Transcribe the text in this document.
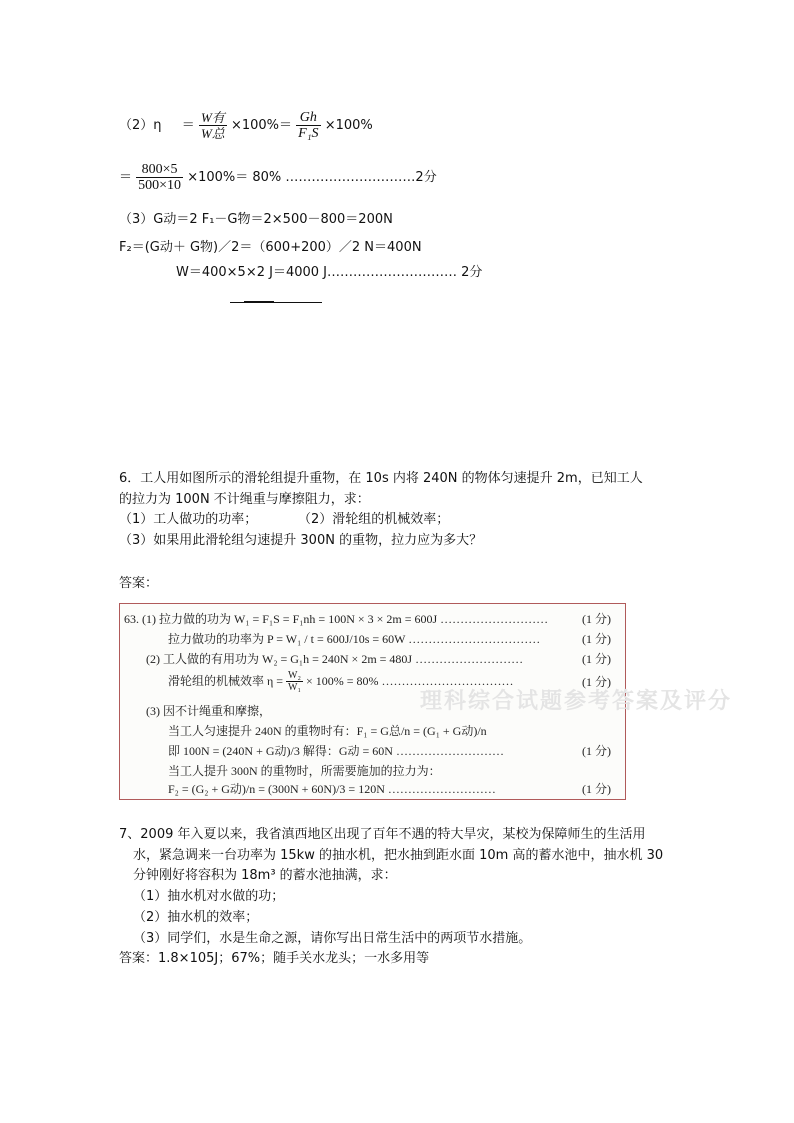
$(2)\eta = \frac{\text{W有}}{\text{W总}} \times 100\%= \frac{Gh}{\text{F₁S}} \times 100\%$
＝ $\frac{800\times 5}{500\times 10} \times 100\%= 80\%$ …………………………2分
（3）G动＝2 F₁－G物＝2×500－800＝200N
F₂＝(G动＋ G物)／2＝（600+200）／2 N＝400N
W＝400×5×2 J＝4000 J………………………… 2分
6．工人用如图所示的滑轮组提升重物，在 10s 内将 240N 的物体匀速提升 2m，已知工人
的拉力为 100N 不计绳重与摩擦阻力，求：
（1）工人做功的功率；	（2）滑轮组的机械效率；
（3）如果用此滑轮组匀速提升 300N 的重物，拉力应为多大？
答案：
理科综合试题参考答案及评分
63. (1) 拉力做的功为 W₁ = F₁S = F₁nh = 100N × 3 × 2m = 600J ………………………	(1 分)
拉力做功的功率为 P = W₁ / t = 600J/10s = 60W ……………………………	(1 分)
(2) 工人做的有用功为 W₂ = G₁h = 240N × 2m = 480J ………………………	(1 分)
滑轮组的机械效率 $\eta = \frac{\text{W₂}}{\text{W₁}} \times 100\% = 80\%$ ……………………………	(1 分)
(3) 因不计绳重和摩擦，
当工人匀速提升 240N 的重物时有：F₁ = G总/n = (G₁ + G动)/n
即 100N = (240N + G动)/3 解得：G动 = 60N ………………………	(1 分)
当工人提升 300N 的重物时，所需要施加的拉力为：
F₂ = (G₂ + G动)/n = (300N + 60N)/3 = 120N ………………………	(1 分)
7、2009 年入夏以来，我省滇西地区出现了百年不遇的特大旱灾，某校为保障师生的生活用
水，紧急调来一台功率为 15kw 的抽水机，把水抽到距水面 10m 高的蓄水池中，抽水机 30
分钟刚好将容积为 18m³ 的蓄水池抽满，求：
（1）抽水机对水做的功；
（2）抽水机的效率；
（3）同学们，水是生命之源，请你写出日常生活中的两项节水措施。
答案：1.8×105J；67%；随手关水龙头；一水多用等
